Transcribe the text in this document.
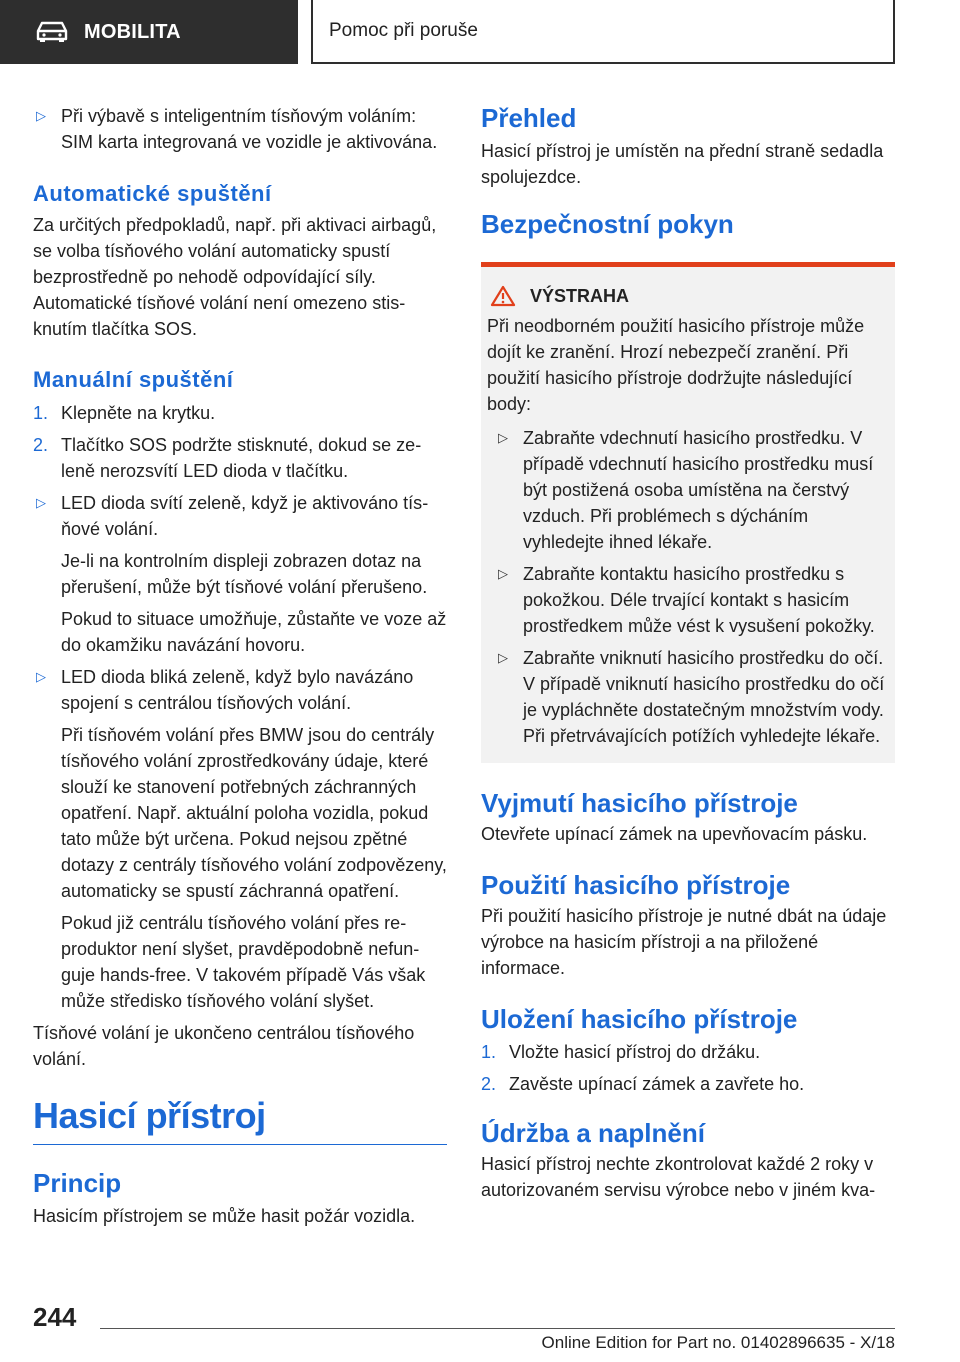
MOBILITA	Pomoc při poruše
▷ Při výbavě s inteligentním tísňovým voláním: SIM karta integrovaná ve vozidle je aktivována.
Automatické spuštění

Za určitých předpokladů, např. při aktivaci airbagů, se volba tísňového volání automaticky spustí bezprostředně po nehodě odpovídající síly. Automatické tísňové volání není omezeno stisknutím tlačítka SOS.

Manuální spuštění
1. Klepněte na krytku.
2. Tlačítko SOS podržte stisknuté, dokud se zeleně nerozsvítí LED dioda v tlačítku.
▷ LED dioda svítí zeleně, když je aktivováno tísňové volání.

Je-li na kontrolním displeji zobrazen dotaz na přerušení, může být tísňové volání přerušeno.

Pokud to situace umožňuje, zůstaňte ve voze až do okamžiku navázání hovoru.

▷ LED dioda bliká zeleně, když bylo navázáno spojení s centrálou tísňových volání.

Při tísňovém volání přes BMW jsou do centrály tísňového volání zprostředkovány údaje, které slouží ke stanovení potřebných záchranných opatření. Např. aktuální poloha vozidla, pokud tato může být určena. Pokud nejsou zpětné dotazy z centrály tísňového volání zodpovězeny, automaticky se spustí záchranná opatření.

Pokud již centrálu tísňového volání přes reproduktor není slyšet, pravděpodobně nefunguje hands-free. V takovém případě Vás však může středisko tísňového volání slyšet.

Tísňové volání je ukončeno centrálou tísňového volání.

Hasicí přístroj
Princip

Hasicím přístrojem se může hasit požár vozidla.

Přehled

Hasicí přístroj je umístěn na přední straně sedadla spolujezdce.

Bezpečnostní pokyn
VÝSTRAHA

Při neodborném použití hasicího přístroje může dojít ke zranění. Hrozí nebezpečí zranění. Při použití hasicího přístroje dodržujte následující body:

▷ Zabraňte vdechnutí hasicího prostředku. V případě vdechnutí hasicího prostředku musí být postižená osoba umístěna na čerstvý vzduch. Při problémech s dýcháním vyhledejte ihned lékaře.
▷ Zabraňte kontaktu hasicího prostředku s pokožkou. Déle trvající kontakt s hasicím prostředkem může vést k vysušení pokožky.
▷ Zabraňte vniknutí hasicího prostředku do očí. V případě vniknutí hasicího prostředku do očí je vypláchněte dostatečným množstvím vody. Při přetrvávajících potížích vyhledejte lékaře.
Vyjmutí hasicího přístroje

Otevřete upínací zámek na upevňovacím pásku.

Použití hasicího přístroje

Při použití hasicího přístroje je nutné dbát na údaje výrobce na hasicím přístroji a na přiložené informace.

Uložení hasicího přístroje
1. Vložte hasicí přístroj do držáku.
2. Zavěste upínací zámek a zavřete ho.
Údržba a naplnění

Hasicí přístroj nechte zkontrolovat každé 2 roky v autorizovaném servisu výrobce nebo v jiném kva-

244
Online Edition for Part no. 01402896635 - X/18
